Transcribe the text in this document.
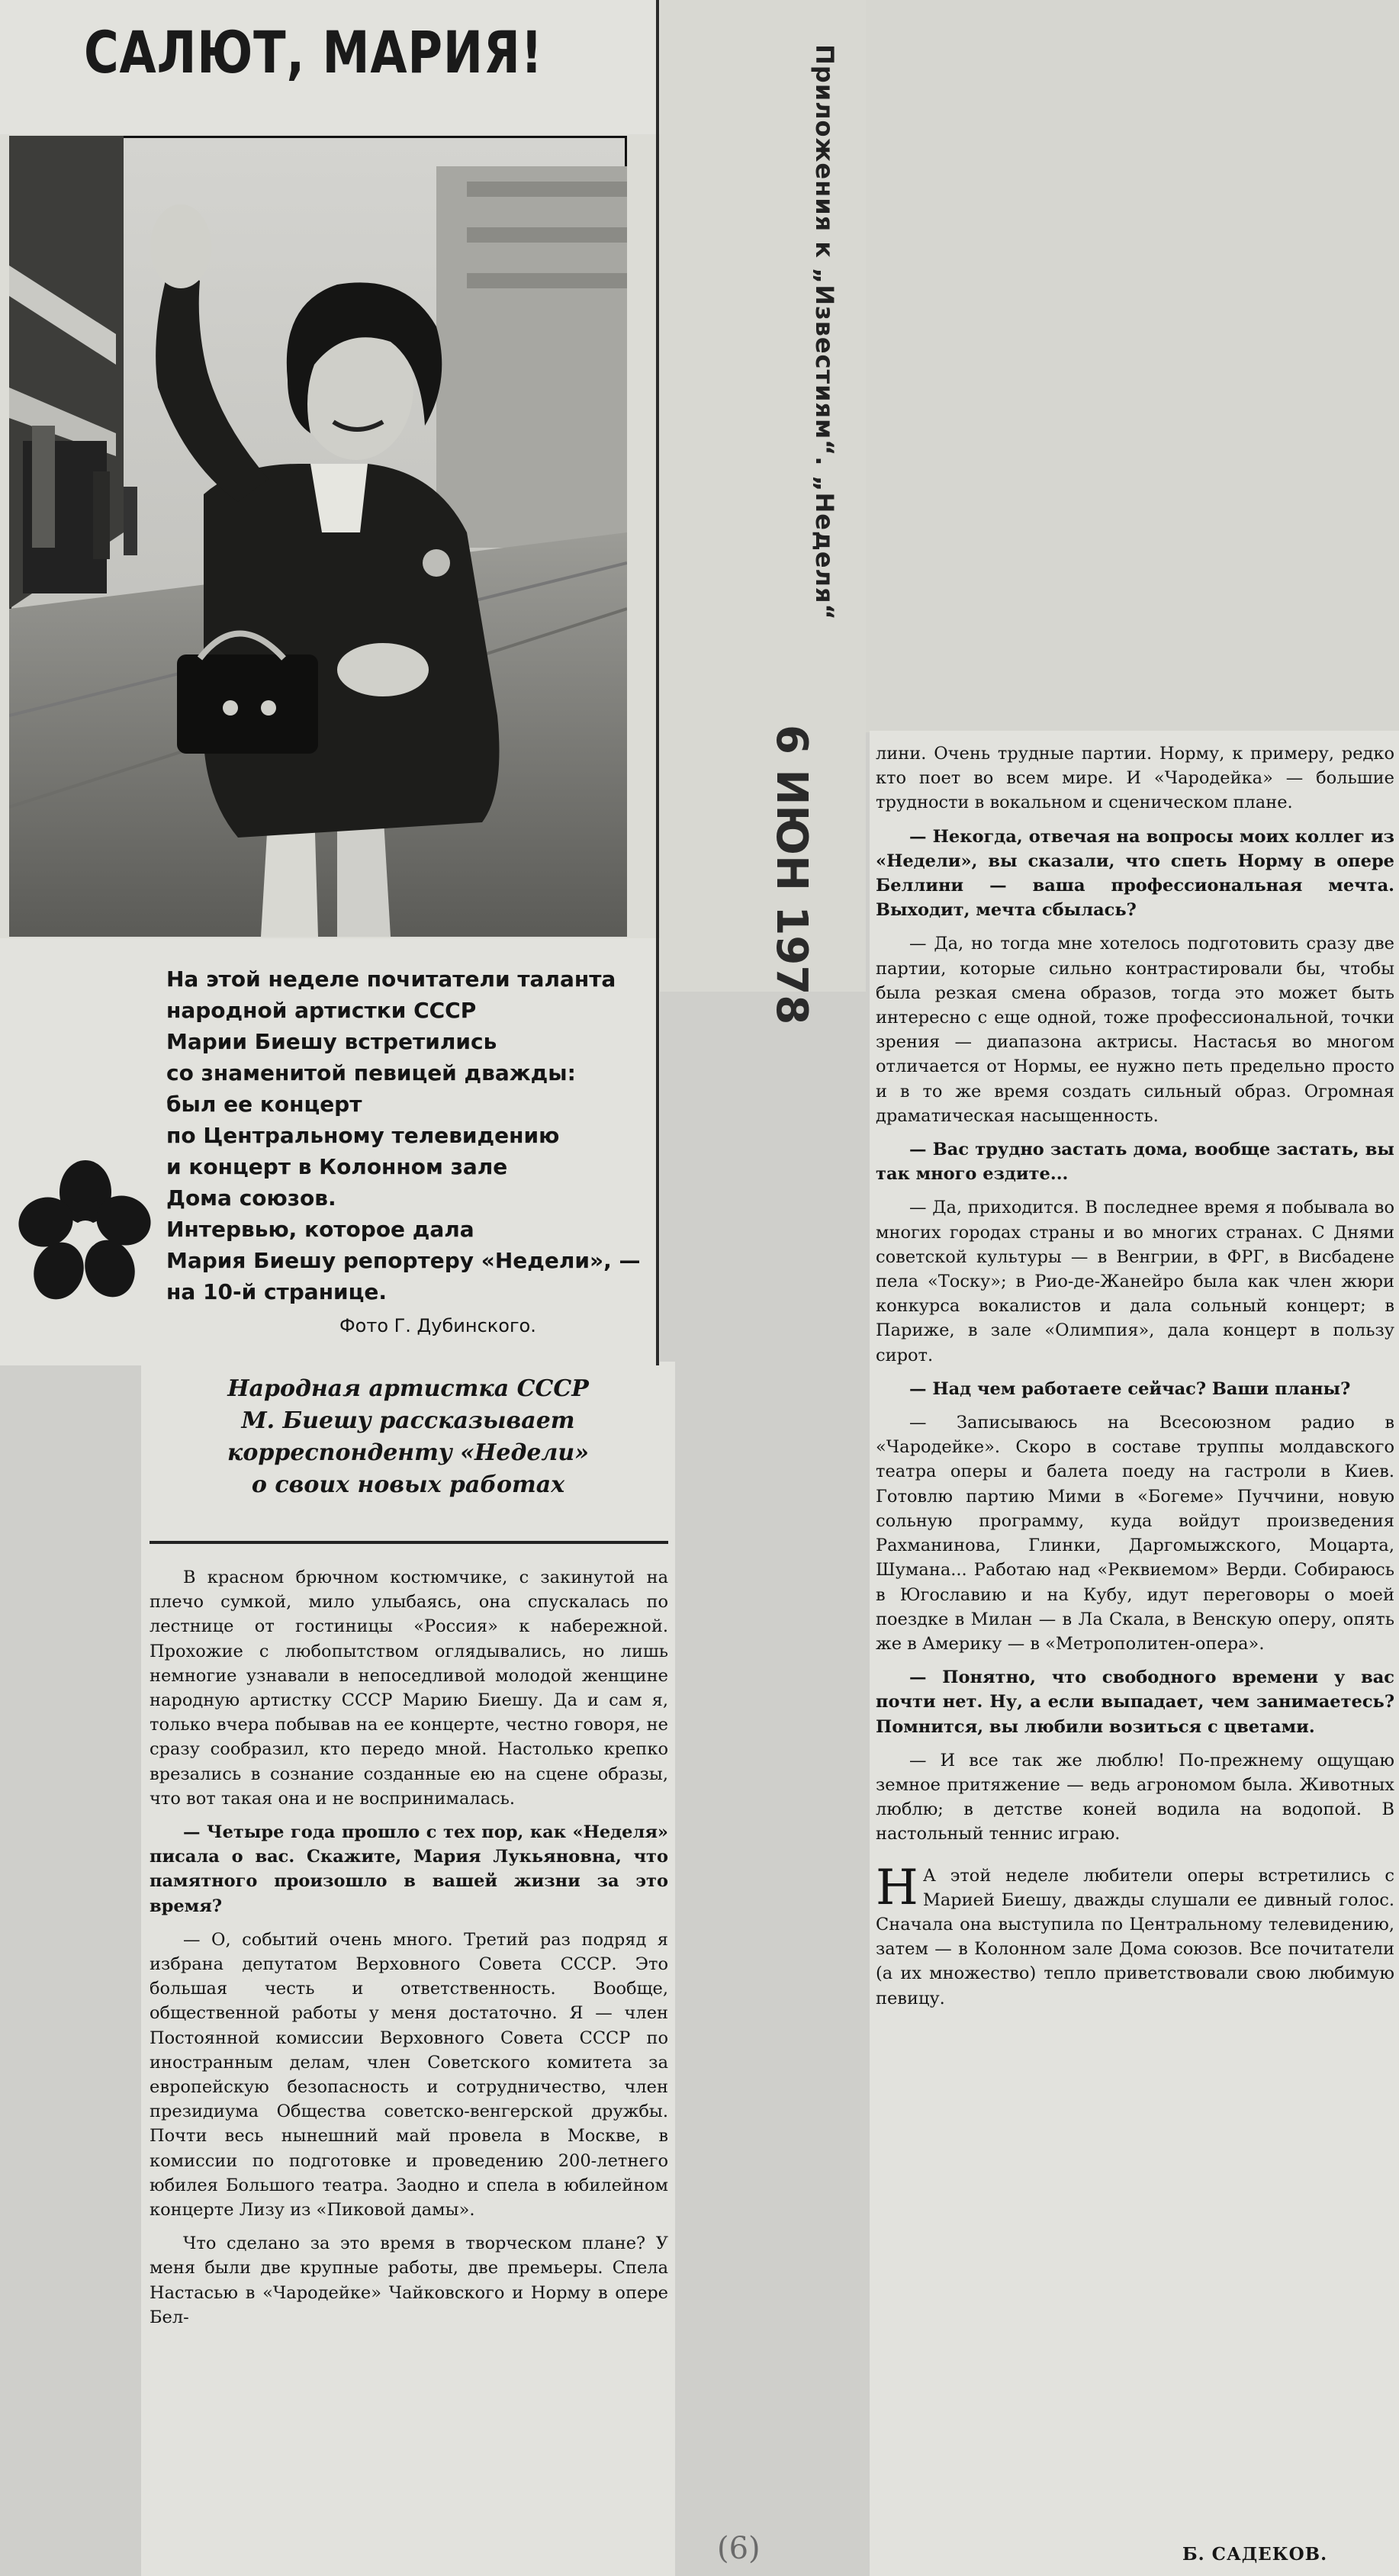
САЛЮТ, МАРИЯ!
На этой неделе почитатели таланта
народной артистки СССР
Марии Биешу встретились
со знаменитой певицей дважды:
был ее концерт
по Центральному телевидению
и концерт в Колонном зале
Дома союзов.
Интервью, которое дала
Мария Биешу репортеру «Недели», —
на 10-й странице.
Фото Г. Дубинского.
Приложения к „Известиям“. „Неделя“
6 ИЮН 1978
Народная артистка СССР
М. Биешу рассказывает
корреспонденту «Недели»
о своих новых работах

В красном брючном костюмчике, с закинутой на плечо сумкой, мило улыбаясь, она спускалась по лестнице от гостиницы «Россия» к набережной. Прохожие с любопытством оглядывались, но лишь немногие узнавали в непоседливой молодой женщине народную артистку СССР Марию Биешу. Да и сам я, только вчера побывав на ее концерте, честно говоря, не сразу сообразил, кто передо мной. Настолько крепко врезались в сознание созданные ею на сцене образы, что вот такая она и не воспринималась.

— Четыре года прошло с тех пор, как «Неделя» писала о вас. Скажите, Мария Лукьяновна, что памятного произошло в вашей жизни за это время?

— О, событий очень много. Третий раз подряд я избрана депутатом Верховного Совета СССР. Это большая честь и ответственность. Вообще, общественной работы у меня достаточно. Я — член Постоянной комиссии Верховного Совета СССР по иностранным делам, член Советского комитета за европейскую безопасность и сотрудничество, член президиума Общества советско-венгерской дружбы. Почти весь нынешний май провела в Москве, в комиссии по подготовке и проведению 200-летнего юбилея Большого театра. Заодно и спела в юбилейном концерте Лизу из «Пиковой дамы».

Что сделано за это время в творческом плане? У меня были две крупные работы, две премьеры. Спела Настасью в «Чародейке» Чайковского и Норму в опере Бел-

лини. Очень трудные партии. Норму, к примеру, редко кто поет во всем мире. И «Чародейка» — большие трудности в вокальном и сценическом плане.

— Некогда, отвечая на вопросы моих коллег из «Недели», вы сказали, что спеть Норму в опере Беллини — ваша профессиональная мечта. Выходит, мечта сбылась?

— Да, но тогда мне хотелось подготовить сразу две партии, которые сильно контрастировали бы, чтобы была резкая смена образов, тогда это может быть интересно с еще одной, тоже профессиональной, точки зрения — диапазона актрисы. Настасья во многом отличается от Нормы, ее нужно петь предельно просто и в то же время создать сильный образ. Огромная драматическая насыщенность.

— Вас трудно застать дома, вообще застать, вы так много ездите...

— Да, приходится. В последнее время я побывала во многих городах страны и во многих странах. С Днями советской культуры — в Венгрии, в ФРГ, в Висбадене пела «Тоску»; в Рио-де-Жанейро была как член жюри конкурса вокалистов и дала сольный концерт; в Париже, в зале «Олимпия», дала концерт в пользу сирот.

— Над чем работаете сейчас? Ваши планы?

— Записываюсь на Всесоюзном радио в «Чародейке». Скоро в составе труппы молдавского театра оперы и балета поеду на гастроли в Киев. Готовлю партию Мими в «Богеме» Пуччини, новую сольную программу, куда войдут произведения Рахманинова, Глинки, Даргомыжского, Моцарта, Шумана... Работаю над «Реквиемом» Верди. Собираюсь в Югославию и на Кубу, идут переговоры о моей поездке в Милан — в Ла Скала, в Венскую оперу, опять же в Америку — в «Метрополитен-опера».

— Понятно, что свободного времени у вас почти нет. Ну, а если выпадает, чем занимаетесь? Помнится, вы любили возиться с цветами.

— И все так же люблю! По-прежнему ощущаю земное притяжение — ведь агрономом была. Животных люблю; в детстве коней водила на водопой. В настольный теннис играю.

Н А этой неделе любители оперы встретились с Марией Биешу, дважды слушали ее дивный голос. Сначала она выступила по Центральному телевидению, затем — в Колонном зале Дома союзов. Все почитатели (а их множество) тепло приветствовали свою любимую певицу.

Б. САДЕКОВ.
(6)
